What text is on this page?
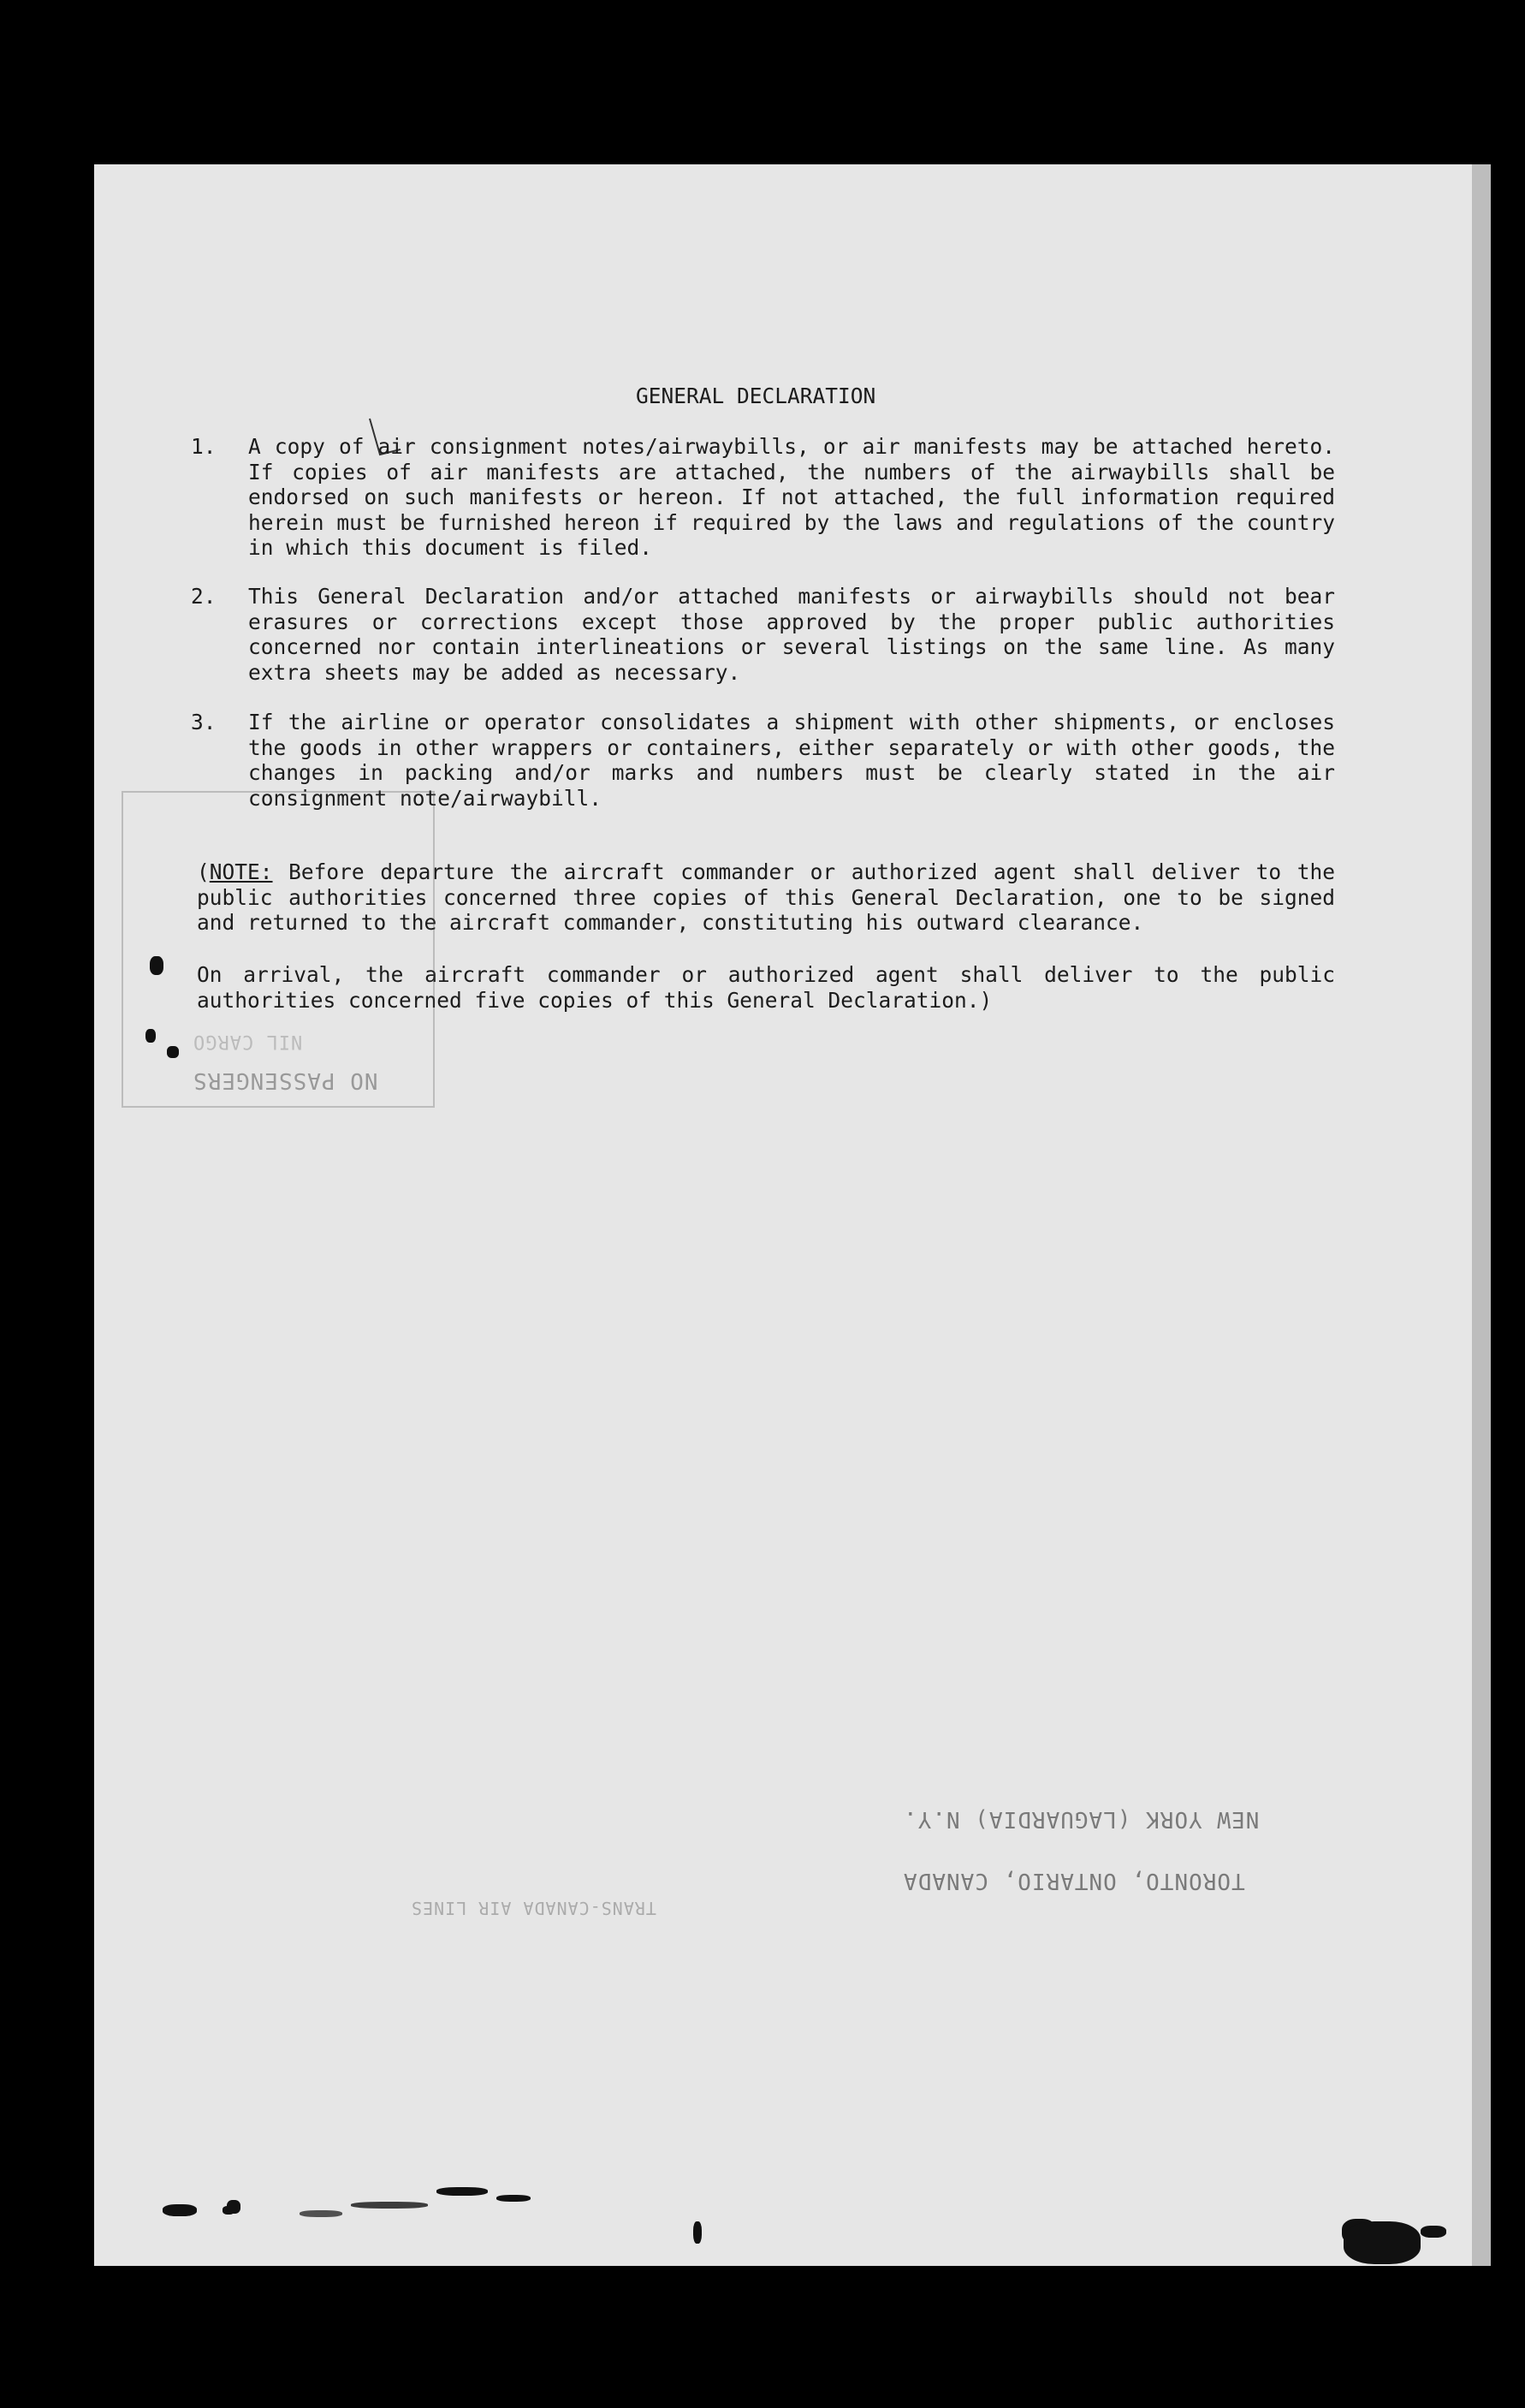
GENERAL DECLARATION
1. A copy of air consignment notes/airwaybills, or air manifests may be attached hereto. If copies of air manifests are attached, the numbers of the airwaybills shall be endorsed on such manifests or hereon. If not attached, the full information required herein must be furnished hereon if required by the laws and regulations of the country in which this document is filed.
2. This General Declaration and/or attached manifests or airwaybills should not bear erasures or corrections except those approved by the proper public authorities concerned nor contain interlineations or several listings on the same line. As many extra sheets may be added as necessary.
3. If the airline or operator consolidates a shipment with other shipments, or encloses the goods in other wrappers or containers, either separately or with other goods, the changes in packing and/or marks and numbers must be clearly stated in the air consignment note/airwaybill.
(NOTE: Before departure the aircraft commander or authorized agent shall deliver to the public authorities concerned three copies of this General Declaration, one to be signed and returned to the aircraft commander, constituting his outward clearance.
On arrival, the aircraft commander or authorized agent shall deliver to the public authorities concerned five copies of this General Declaration.)
NO PASSENGERS
NIL CARGO
NEW YORK (LAGUARDIA) N.Y.
TORONTO, ONTARIO, CANADA
TRANS-CANADA AIR LINES
